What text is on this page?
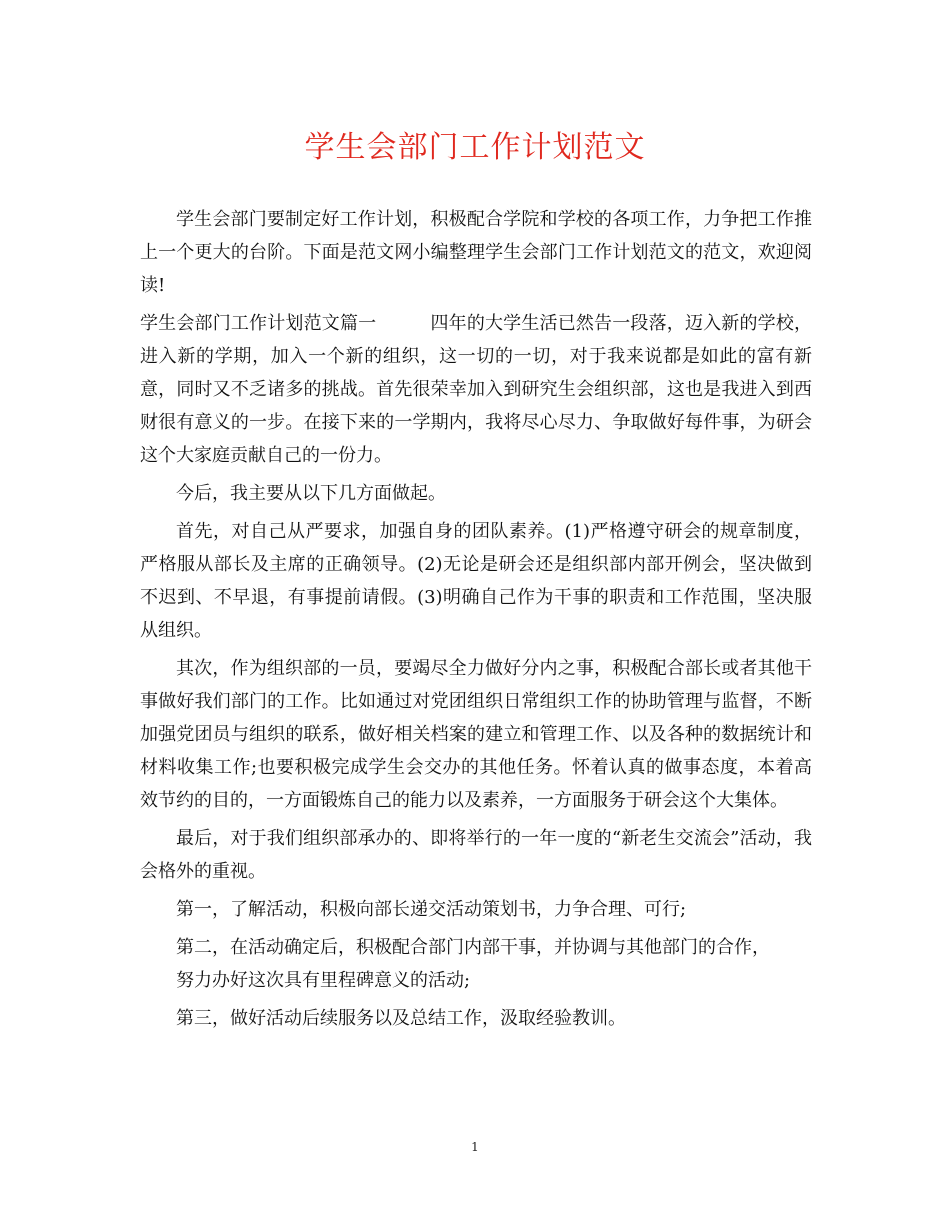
学生会部门工作计划范文

学生会部门要制定好工作计划，积极配合学院和学校的各项工作，力争把工作推上一个更大的台阶。下面是范文网小编整理学生会部门工作计划范文的范文，欢迎阅读!

学生会部门工作计划范文篇一	四年的大学生活已然告一段落，迈入新的学校，进入新的学期，加入一个新的组织，这一切的一切，对于我来说都是如此的富有新意，同时又不乏诸多的挑战。首先很荣幸加入到研究生会组织部，这也是我进入到西财很有意义的一步。在接下来的一学期内，我将尽心尽力、争取做好每件事，为研会这个大家庭贡献自己的一份力。

今后，我主要从以下几方面做起。

首先，对自己从严要求，加强自身的团队素养。(1)严格遵守研会的规章制度，严格服从部长及主席的正确领导。(2)无论是研会还是组织部内部开例会，坚决做到不迟到、不早退，有事提前请假。(3)明确自己作为干事的职责和工作范围，坚决服从组织。

其次，作为组织部的一员，要竭尽全力做好分内之事，积极配合部长或者其他干事做好我们部门的工作。比如通过对党团组织日常组织工作的协助管理与监督，不断加强党团员与组织的联系，做好相关档案的建立和管理工作、以及各种的数据统计和材料收集工作;也要积极完成学生会交办的其他任务。怀着认真的做事态度，本着高效节约的目的，一方面锻炼自己的能力以及素养，一方面服务于研会这个大集体。

最后，对于我们组织部承办的、即将举行的一年一度的“新老生交流会”活动，我会格外的重视。

第一，了解活动，积极向部长递交活动策划书，力争合理、可行;

第二，在活动确定后，积极配合部门内部干事，并协调与其他部门的合作，
努力办好这次具有里程碑意义的活动;

第三，做好活动后续服务以及总结工作，汲取经验教训。

1
